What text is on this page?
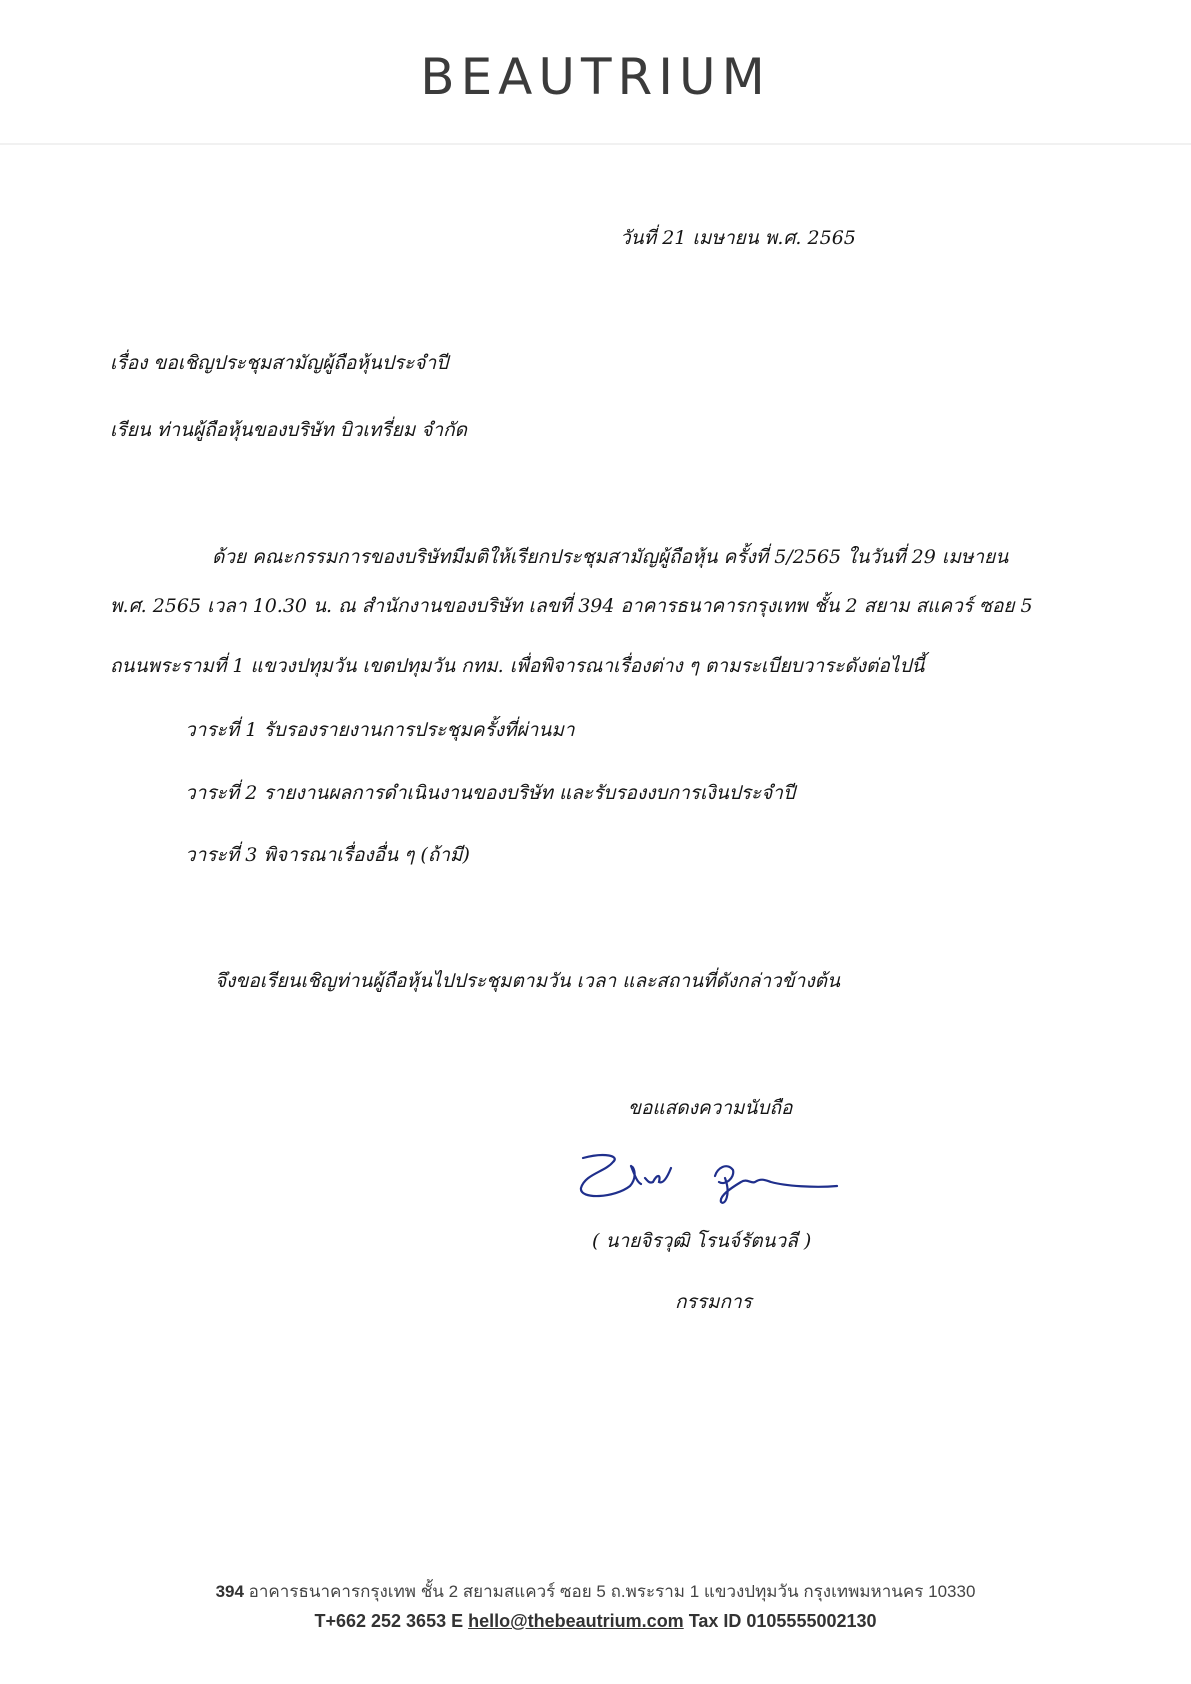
BEAUTRIUM
วันที่ 21 เมษายน พ.ศ. 2565
เรื่อง ขอเชิญประชุมสามัญผู้ถือหุ้นประจำปี
เรียน ท่านผู้ถือหุ้นของบริษัท บิวเทรี่ยม จำกัด
ด้วย คณะกรรมการของบริษัทมีมติให้เรียกประชุมสามัญผู้ถือหุ้น ครั้งที่ 5/2565 ในวันที่ 29 เมษายน
พ.ศ. 2565 เวลา 10.30 น. ณ สำนักงานของบริษัท เลขที่ 394 อาคารธนาคารกรุงเทพ ชั้น 2 สยาม สแควร์ ซอย 5
ถนนพระรามที่ 1 แขวงปทุมวัน เขตปทุมวัน กทม. เพื่อพิจารณาเรื่องต่าง ๆ ตามระเบียบวาระดังต่อไปนี้
วาระที่ 1 รับรองรายงานการประชุมครั้งที่ผ่านมา
วาระที่ 2 รายงานผลการดำเนินงานของบริษัท และรับรองงบการเงินประจำปี
วาระที่ 3 พิจารณาเรื่องอื่น ๆ (ถ้ามี)
จึงขอเรียนเชิญท่านผู้ถือหุ้นไปประชุมตามวัน เวลา และสถานที่ดังกล่าวข้างต้น
ขอแสดงความนับถือ
( นายจิรวุฒิ โรนจ์รัตนวลี )
กรรมการ
394 อาคารธนาคารกรุงเทพ ชั้น 2 สยามสแควร์ ซอย 5 ถ.พระราม 1 แขวงปทุมวัน กรุงเทพมหานคร 10330
T+662 252 3653 E hello@thebeautrium.com Tax ID 0105555002130
